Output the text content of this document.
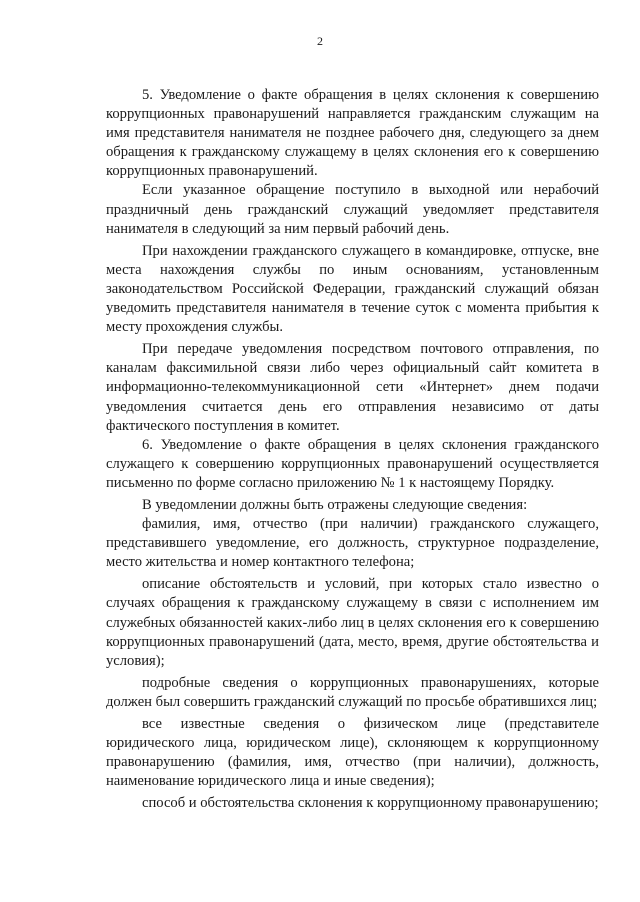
2

5. Уведомление о факте обращения в целях склонения к совершению коррупционных правонарушений направляется гражданским служащим на имя представителя нанимателя не позднее рабочего дня, следующего за днем обращения к гражданскому служащему в целях склонения его к совершению коррупционных правонарушений.

Если указанное обращение поступило в выходной или нерабочий праздничный день гражданский служащий уведомляет представителя нанимателя в следующий за ним первый рабочий день.

При нахождении гражданского служащего в командировке, отпуске, вне места нахождения службы по иным основаниям, установленным законодательством Российской Федерации, гражданский служащий обязан уведомить представителя нанимателя в течение суток с момента прибытия к месту прохождения службы.

При передаче уведомления посредством почтового отправления, по каналам факсимильной связи либо через официальный сайт комитета в информационно-телекоммуникационной сети «Интернет» днем подачи уведомления считается день его отправления независимо от даты фактического поступления в комитет.

6. Уведомление о факте обращения в целях склонения гражданского служащего к совершению коррупционных правонарушений осуществляется письменно по форме согласно приложению № 1 к настоящему Порядку.

В уведомлении должны быть отражены следующие сведения:

фамилия, имя, отчество (при наличии) гражданского служащего, представившего уведомление, его должность, структурное подразделение, место жительства и номер контактного телефона;

описание обстоятельств и условий, при которых стало известно о случаях обращения к гражданскому служащему в связи с исполнением им служебных обязанностей каких-либо лиц в целях склонения его к совершению коррупционных правонарушений (дата, место, время, другие обстоятельства и условия);

подробные сведения о коррупционных правонарушениях, которые должен был совершить гражданский служащий по просьбе обратившихся лиц;

все известные сведения о физическом лице (представителе юридического лица, юридическом лице), склоняющем к коррупционному правонарушению (фамилия, имя, отчество (при наличии), должность, наименование юридического лица и иные сведения);

способ и обстоятельства склонения к коррупционному правонарушению;
